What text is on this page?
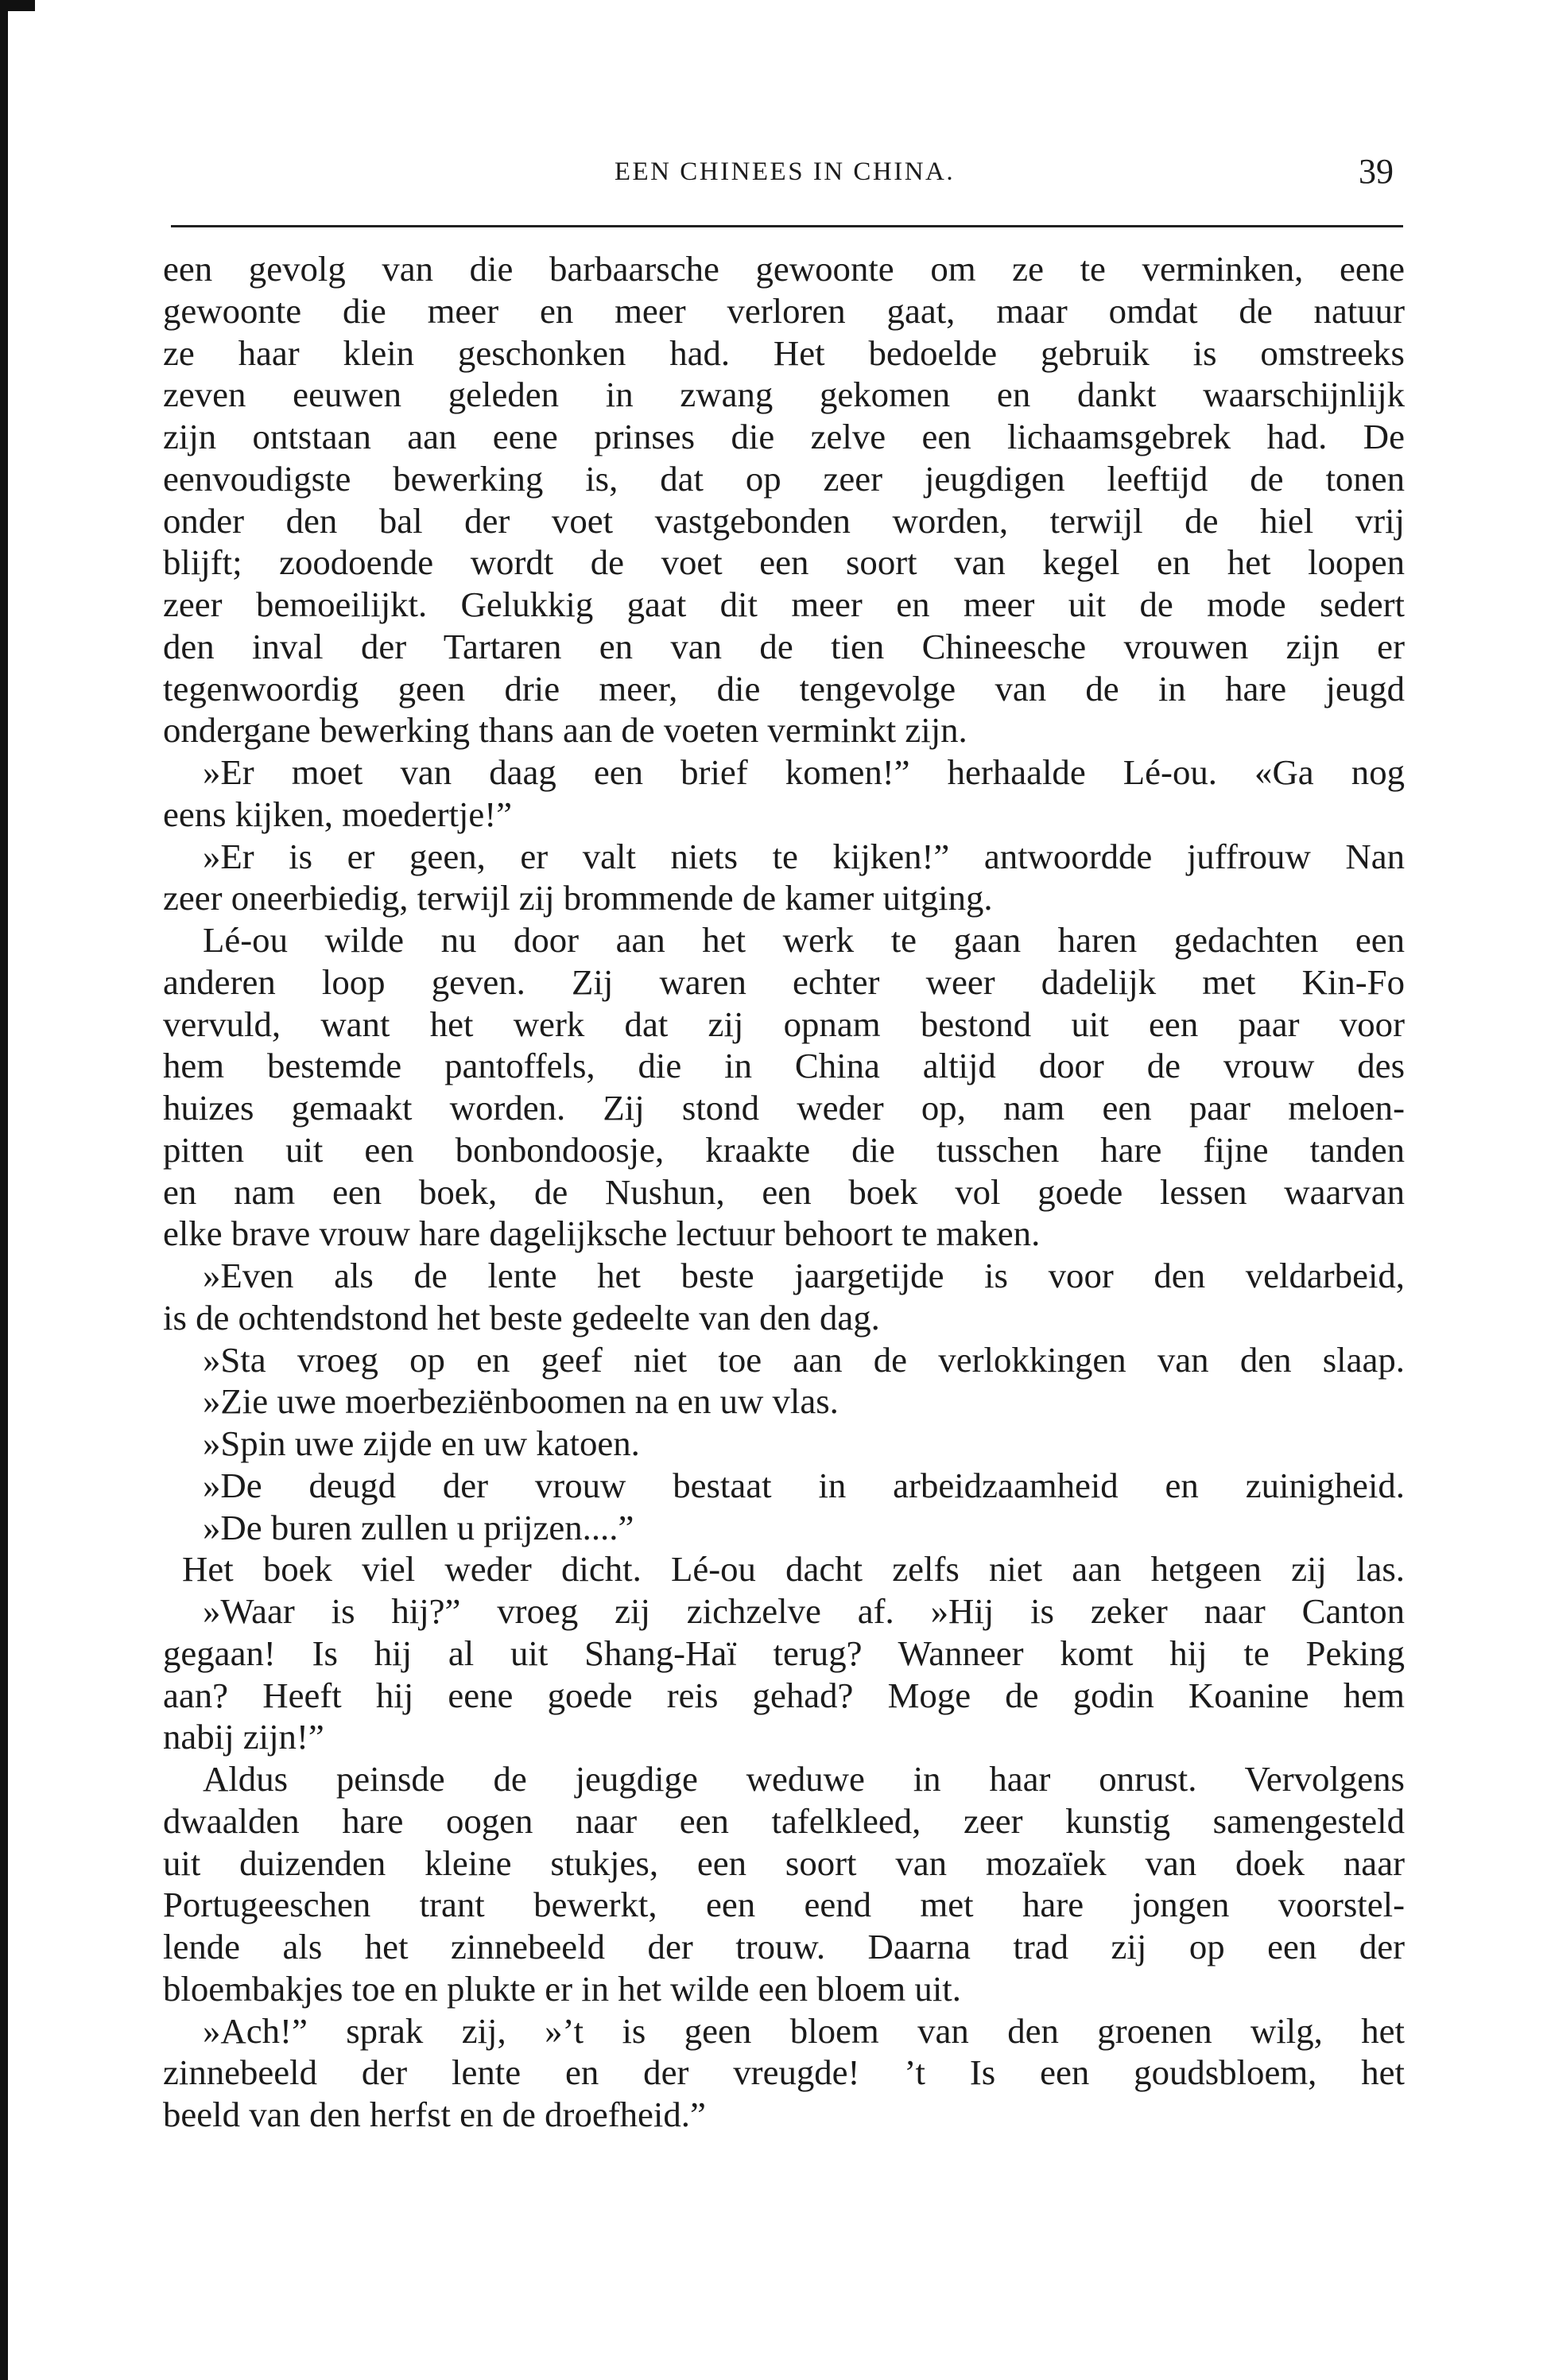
EEN CHINEES IN CHINA.	39
een gevolg van die barbaarsche gewoonte om ze te verminken, eene
gewoonte die meer en meer verloren gaat, maar omdat de natuur
ze haar klein geschonken had. Het bedoelde gebruik is omstreeks
zeven eeuwen geleden in zwang gekomen en dankt waarschijnlijk
zijn ontstaan aan eene prinses die zelve een lichaamsgebrek had. De
eenvoudigste bewerking is, dat op zeer jeugdigen leeftijd de tonen
onder den bal der voet vastgebonden worden, terwijl de hiel vrij
blijft; zoodoende wordt de voet een soort van kegel en het loopen
zeer bemoeilijkt. Gelukkig gaat dit meer en meer uit de mode sedert
den inval der Tartaren en van de tien Chineesche vrouwen zijn er
tegenwoordig geen drie meer, die tengevolge van de in hare jeugd
ondergane bewerking thans aan de voeten verminkt zijn.
»Er moet van daag een brief komen!” herhaalde Lé-ou. «Ga nog
eens kijken, moedertje!”
»Er is er geen, er valt niets te kijken!” antwoordde juffrouw Nan
zeer oneerbiedig, terwijl zij brommende de kamer uitging.
Lé-ou wilde nu door aan het werk te gaan haren gedachten een
anderen loop geven. Zij waren echter weer dadelijk met Kin-Fo
vervuld, want het werk dat zij opnam bestond uit een paar voor
hem bestemde pantoffels, die in China altijd door de vrouw des
huizes gemaakt worden. Zij stond weder op, nam een paar meloen-
pitten uit een bonbondoosje, kraakte die tusschen hare fijne tanden
en nam een boek, de Nushun, een boek vol goede lessen waarvan
elke brave vrouw hare dagelijksche lectuur behoort te maken.
»Even als de lente het beste jaargetijde is voor den veldarbeid,
is de ochtendstond het beste gedeelte van den dag.
»Sta vroeg op en geef niet toe aan de verlokkingen van den slaap.
»Zie uwe moerbeziënboomen na en uw vlas.
»Spin uwe zijde en uw katoen.
»De deugd der vrouw bestaat in arbeidzaamheid en zuinigheid.
»De buren zullen u prijzen....”
Het boek viel weder dicht. Lé-ou dacht zelfs niet aan hetgeen zij las.
»Waar is hij?” vroeg zij zichzelve af. »Hij is zeker naar Canton
gegaan! Is hij al uit Shang-Haï terug? Wanneer komt hij te Peking
aan? Heeft hij eene goede reis gehad? Moge de godin Koanine hem
nabij zijn!”
Aldus peinsde de jeugdige weduwe in haar onrust. Vervolgens
dwaalden hare oogen naar een tafelkleed, zeer kunstig samengesteld
uit duizenden kleine stukjes, een soort van mozaïek van doek naar
Portugeeschen trant bewerkt, een eend met hare jongen voorstel-
lende als het zinnebeeld der trouw. Daarna trad zij op een der
bloembakjes toe en plukte er in het wilde een bloem uit.
»Ach!” sprak zij, »’t is geen bloem van den groenen wilg, het
zinnebeeld der lente en der vreugde! ’t Is een goudsbloem, het
beeld van den herfst en de droefheid.”
